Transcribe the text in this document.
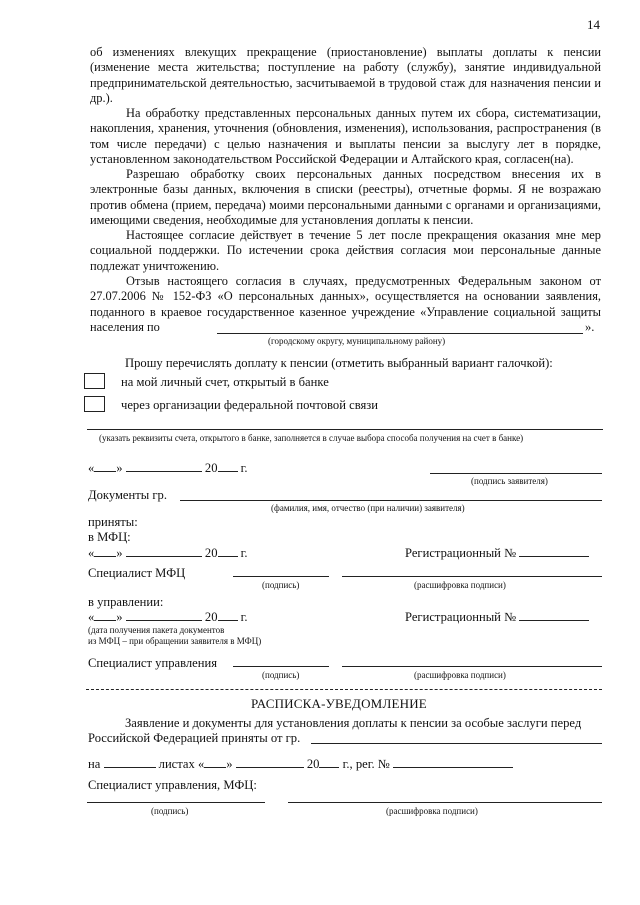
14
об изменениях влекущих прекращение (приостановление) выплаты доплаты к пенсии (изменение места жительства; поступление на работу (службу), занятие индивидуальной предпринимательской деятельностью, засчитываемой в трудовой стаж для назначения пенсии и др.).
На обработку представленных персональных данных путем их сбора, систематизации, накопления, хранения, уточнения (обновления, изменения), использования, распространения (в том числе передачи) с целью назначения и выплаты пенсии за выслугу лет в порядке, установленном законодательством Российской Федерации и Алтайского края, согласен(на).
Разрешаю обработку своих персональных данных посредством внесения их в электронные базы данных, включения в списки (реестры), отчетные формы. Я не возражаю против обмена (прием, передача) моими персональными данными с органами и организациями, имеющими сведения, необходимые для установления доплаты к пенсии.
Настоящее согласие действует в течение 5 лет после прекращения оказания мне мер социальной поддержки. По истечении срока действия согласия мои персональные данные подлежат уничтожению.
Отзыв настоящего согласия в случаях, предусмотренных Федеральным законом от 27.07.2006 № 152-ФЗ «О персональных данных», осуществляется на основании заявления, поданного в краевое государственное казенное учреждение «Управление социальной защиты населения по	».
(городскому округу, муниципальному району)
Прошу перечислять доплату к пенсии (отметить выбранный вариант галочкой):
на мой личный счет, открытый в банке
через организации федеральной почтовой связи
(указать реквизиты счета, открытого в банке, заполняется в случае выбора способа получения на счет в банке)
« »	20 г.
(подпись заявителя)
Документы гр.
(фамилия, имя, отчество (при наличии) заявителя)
приняты:
в МФЦ:
« »	20 г.	Регистрационный №
Специалист МФЦ
(подпись)	(расшифровка подписи)
в управлении:
« »	20 г.	Регистрационный №
(дата получения пакета документов
из МФЦ – при обращении заявителя в МФЦ)
Специалист управления
(подпись)	(расшифровка подписи)
РАСПИСКА-УВЕДОМЛЕНИЕ
Заявление и документы для установления доплаты к пенсии за особые заслуги перед
Российской Федерацией приняты от гр.
на	листах « »	20 г., рег. №
Специалист управления, МФЦ:
(подпись)	(расшифровка подписи)
